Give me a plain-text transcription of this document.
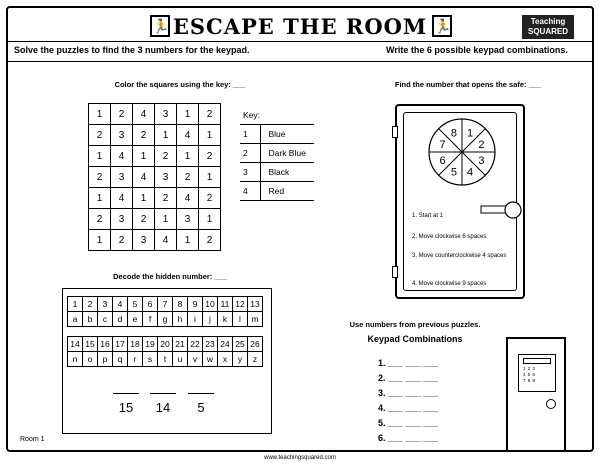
🏃 ESCAPE THE ROOM 🏃	Teaching
SQUARED
Solve the puzzles to find the 3 numbers for the keypad.	Write the 6 possible keypad combinations.
Color the squares using the key: ___
1	2	4	3	1	2
2	3	2	1	4	1
1	4	1	2	1	2
2	3	4	3	2	1
1	4	1	2	4	2
2	3	2	1	3	1
1	2	3	4	1	2
Key:
1	Blue
2	Dark Blue
3	Black
4	Red
Find the number that opens the safe: ___
1
2
3
4
5
6
7
8
1. Start at 1
2. Move clockwise 6 spaces
3. Move counterclockwise 4 spaces
4. Move clockwise 9 spaces
Decode the hidden number: ___
1	2	3	4	5	6	7	8	9	10	11	12	13
a	b	c	d	e	f	g	h	i	j	k	l	m
14	15	16	17	18	19	20	21	22	23	24	25	26
n	o	p	q	r	s	t	u	v	w	x	y	z
15	14	5
Use numbers from previous puzzles.
Keypad Combinations
1. ___ ___ ___
2. ___ ___ ___
3. ___ ___ ___
4. ___ ___ ___
5. ___ ___ ___
6. ___ ___ ___
1 2 3
4 5 6
7 8 9
Room 1
www.teachingsquared.com
